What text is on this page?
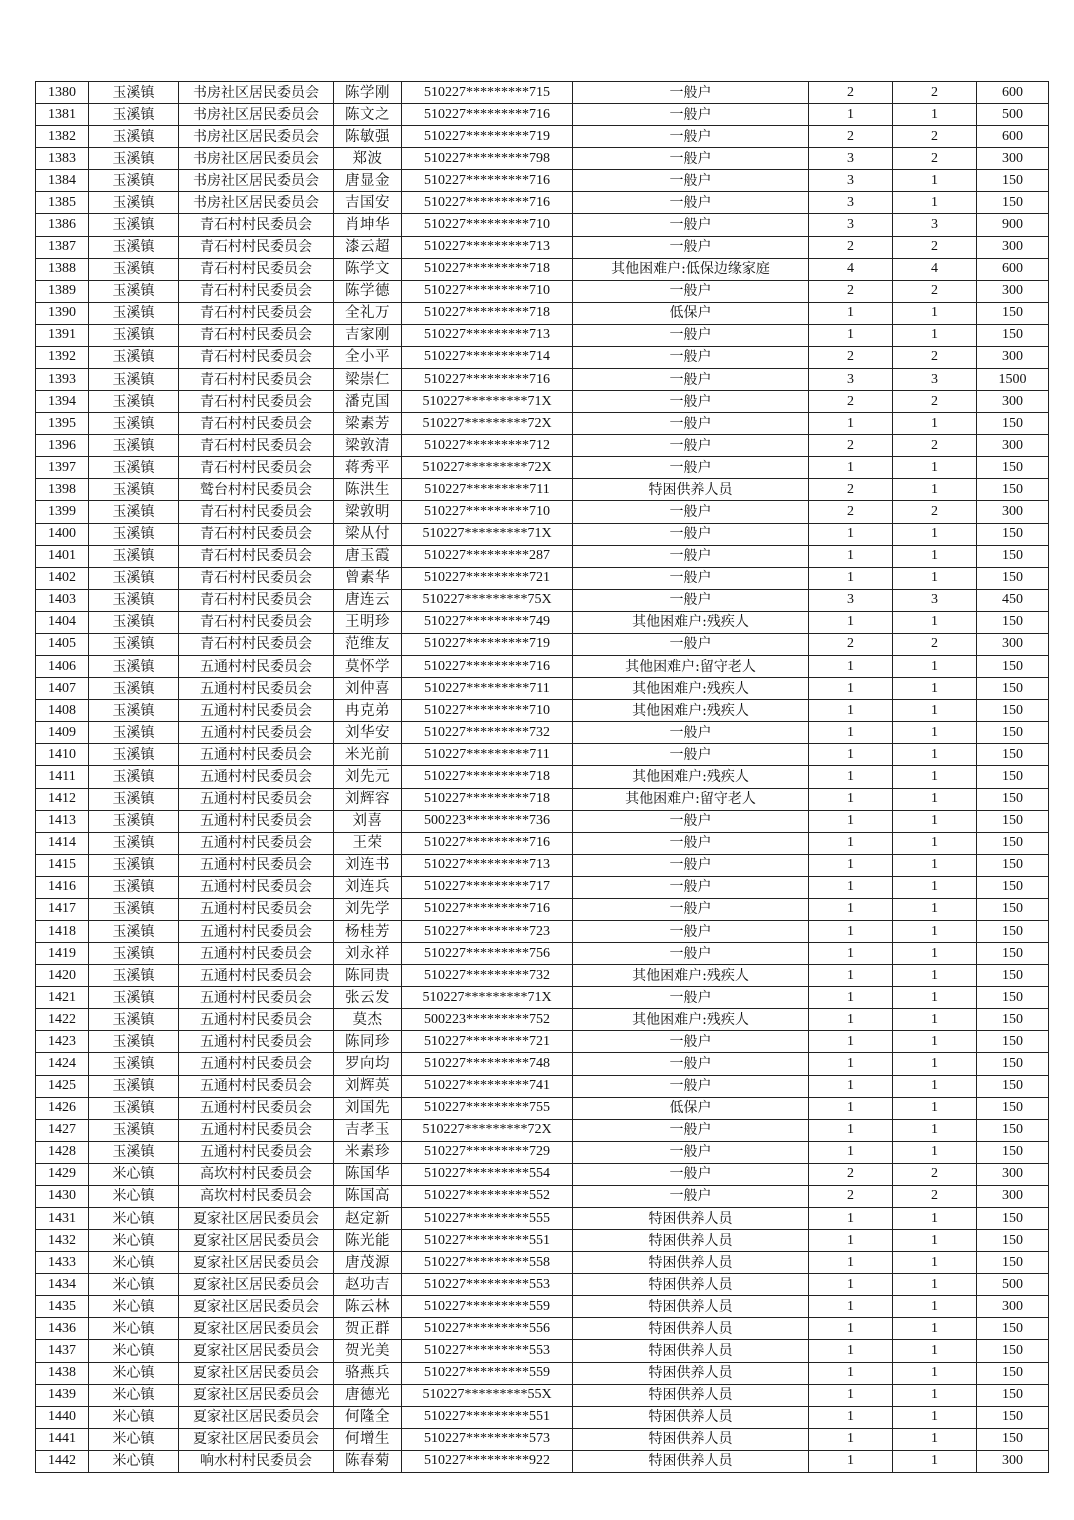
1380	玉溪镇	书房社区居民委员会	陈学刚	510227*********715	一般户	2	2	600
1381	玉溪镇	书房社区居民委员会	陈文之	510227*********716	一般户	1	1	500
1382	玉溪镇	书房社区居民委员会	陈敏强	510227*********719	一般户	2	2	600
1383	玉溪镇	书房社区居民委员会	郑波	510227*********798	一般户	3	2	300
1384	玉溪镇	书房社区居民委员会	唐显金	510227*********716	一般户	3	1	150
1385	玉溪镇	书房社区居民委员会	吉国安	510227*********716	一般户	3	1	150
1386	玉溪镇	青石村村民委员会	肖坤华	510227*********710	一般户	3	3	900
1387	玉溪镇	青石村村民委员会	漆云超	510227*********713	一般户	2	2	300
1388	玉溪镇	青石村村民委员会	陈学文	510227*********718	其他困难户:低保边缘家庭	4	4	600
1389	玉溪镇	青石村村民委员会	陈学德	510227*********710	一般户	2	2	300
1390	玉溪镇	青石村村民委员会	全礼万	510227*********718	低保户	1	1	150
1391	玉溪镇	青石村村民委员会	吉家刚	510227*********713	一般户	1	1	150
1392	玉溪镇	青石村村民委员会	全小平	510227*********714	一般户	2	2	300
1393	玉溪镇	青石村村民委员会	梁崇仁	510227*********716	一般户	3	3	1500
1394	玉溪镇	青石村村民委员会	潘克国	510227*********71X	一般户	2	2	300
1395	玉溪镇	青石村村民委员会	梁素芳	510227*********72X	一般户	1	1	150
1396	玉溪镇	青石村村民委员会	梁敦清	510227*********712	一般户	2	2	300
1397	玉溪镇	青石村村民委员会	蒋秀平	510227*********72X	一般户	1	1	150
1398	玉溪镇	鹫台村村民委员会	陈洪生	510227*********711	特困供养人员	2	1	150
1399	玉溪镇	青石村村民委员会	梁敦明	510227*********710	一般户	2	2	300
1400	玉溪镇	青石村村民委员会	梁从付	510227*********71X	一般户	1	1	150
1401	玉溪镇	青石村村民委员会	唐玉霞	510227*********287	一般户	1	1	150
1402	玉溪镇	青石村村民委员会	曾素华	510227*********721	一般户	1	1	150
1403	玉溪镇	青石村村民委员会	唐连云	510227*********75X	一般户	3	3	450
1404	玉溪镇	青石村村民委员会	王明珍	510227*********749	其他困难户:残疾人	1	1	150
1405	玉溪镇	青石村村民委员会	范维友	510227*********719	一般户	2	2	300
1406	玉溪镇	五通村村民委员会	莫怀学	510227*********716	其他困难户:留守老人	1	1	150
1407	玉溪镇	五通村村民委员会	刘仲喜	510227*********711	其他困难户:残疾人	1	1	150
1408	玉溪镇	五通村村民委员会	冉克弟	510227*********710	其他困难户:残疾人	1	1	150
1409	玉溪镇	五通村村民委员会	刘华安	510227*********732	一般户	1	1	150
1410	玉溪镇	五通村村民委员会	米光前	510227*********711	一般户	1	1	150
1411	玉溪镇	五通村村民委员会	刘先元	510227*********718	其他困难户:残疾人	1	1	150
1412	玉溪镇	五通村村民委员会	刘辉容	510227*********718	其他困难户:留守老人	1	1	150
1413	玉溪镇	五通村村民委员会	刘喜	500223*********736	一般户	1	1	150
1414	玉溪镇	五通村村民委员会	王荣	510227*********716	一般户	1	1	150
1415	玉溪镇	五通村村民委员会	刘连书	510227*********713	一般户	1	1	150
1416	玉溪镇	五通村村民委员会	刘连兵	510227*********717	一般户	1	1	150
1417	玉溪镇	五通村村民委员会	刘先学	510227*********716	一般户	1	1	150
1418	玉溪镇	五通村村民委员会	杨桂芳	510227*********723	一般户	1	1	150
1419	玉溪镇	五通村村民委员会	刘永祥	510227*********756	一般户	1	1	150
1420	玉溪镇	五通村村民委员会	陈同贵	510227*********732	其他困难户:残疾人	1	1	150
1421	玉溪镇	五通村村民委员会	张云发	510227*********71X	一般户	1	1	150
1422	玉溪镇	五通村村民委员会	莫杰	500223*********752	其他困难户:残疾人	1	1	150
1423	玉溪镇	五通村村民委员会	陈同珍	510227*********721	一般户	1	1	150
1424	玉溪镇	五通村村民委员会	罗向均	510227*********748	一般户	1	1	150
1425	玉溪镇	五通村村民委员会	刘辉英	510227*********741	一般户	1	1	150
1426	玉溪镇	五通村村民委员会	刘国先	510227*********755	低保户	1	1	150
1427	玉溪镇	五通村村民委员会	吉孝玉	510227*********72X	一般户	1	1	150
1428	玉溪镇	五通村村民委员会	米素珍	510227*********729	一般户	1	1	150
1429	米心镇	高坎村村民委员会	陈国华	510227*********554	一般户	2	2	300
1430	米心镇	高坎村村民委员会	陈国高	510227*********552	一般户	2	2	300
1431	米心镇	夏家社区居民委员会	赵定新	510227*********555	特困供养人员	1	1	150
1432	米心镇	夏家社区居民委员会	陈光能	510227*********551	特困供养人员	1	1	150
1433	米心镇	夏家社区居民委员会	唐茂源	510227*********558	特困供养人员	1	1	150
1434	米心镇	夏家社区居民委员会	赵功吉	510227*********553	特困供养人员	1	1	500
1435	米心镇	夏家社区居民委员会	陈云林	510227*********559	特困供养人员	1	1	300
1436	米心镇	夏家社区居民委员会	贺正群	510227*********556	特困供养人员	1	1	150
1437	米心镇	夏家社区居民委员会	贺光美	510227*********553	特困供养人员	1	1	150
1438	米心镇	夏家社区居民委员会	骆燕兵	510227*********559	特困供养人员	1	1	150
1439	米心镇	夏家社区居民委员会	唐德光	510227*********55X	特困供养人员	1	1	150
1440	米心镇	夏家社区居民委员会	何隆全	510227*********551	特困供养人员	1	1	150
1441	米心镇	夏家社区居民委员会	何增生	510227*********573	特困供养人员	1	1	150
1442	米心镇	响水村村民委员会	陈春菊	510227*********922	特困供养人员	1	1	300
